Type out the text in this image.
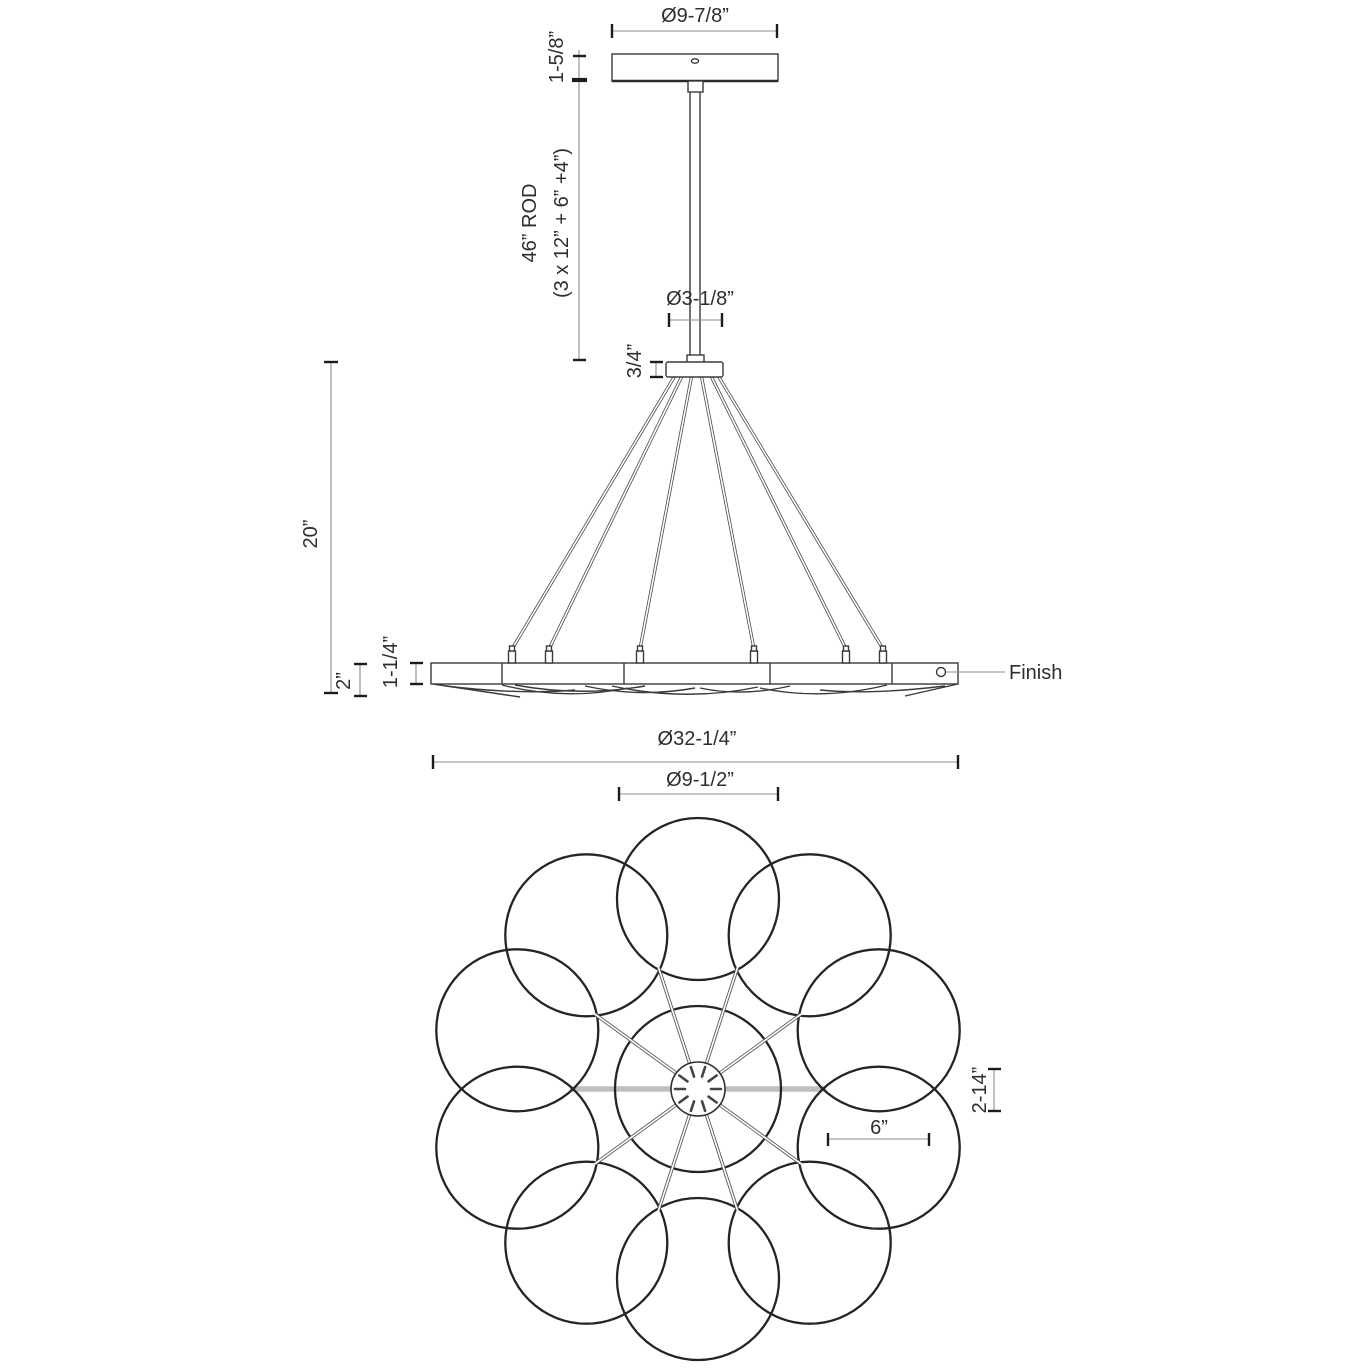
Ø9-7/8”
1-5/8”
46” ROD (3 x 12” + 6” +4”)
Ø3-1/8”
3/4”
20”
2” 1-1/4”	Finish
Ø32-1/4”
Ø9-1/2”
6”
2-14”
